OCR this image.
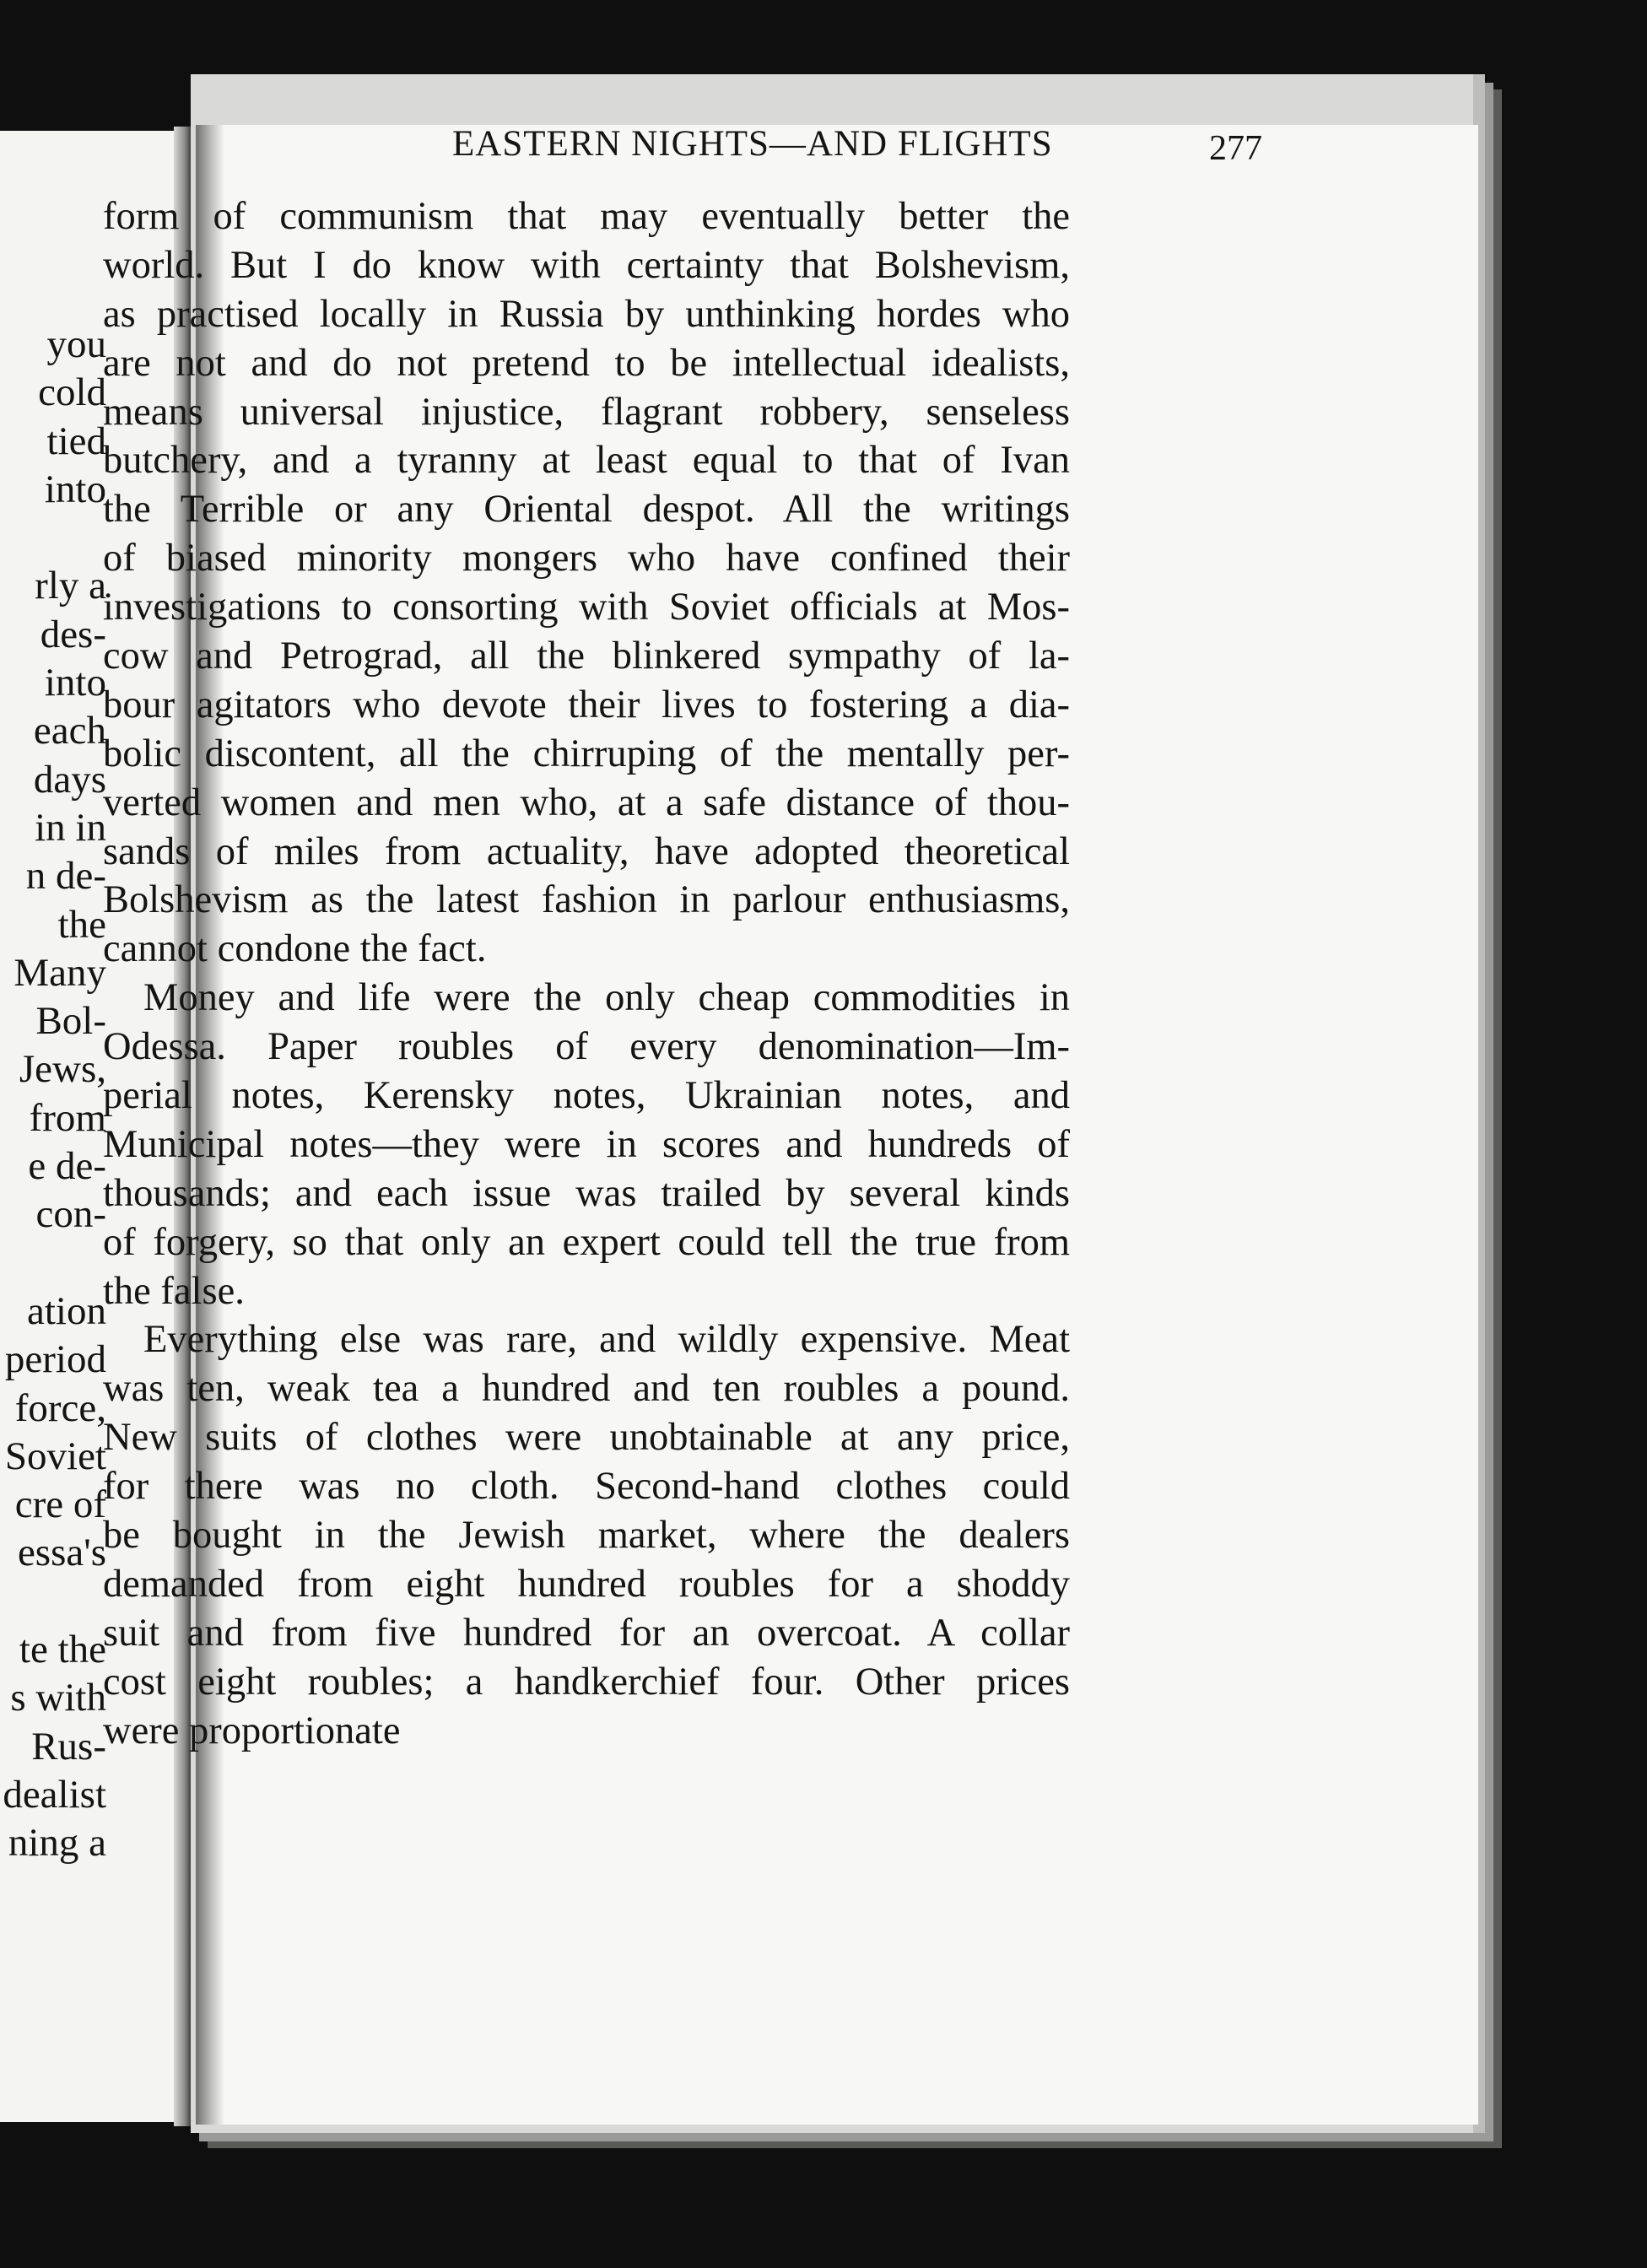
you
cold
tied
into
rly a
des-
into
each
days
in in
n de-
the
Many
Bol-
Jews,
from
e de-
con-
ation
period
force,
Soviet
cre of
essa's
te the
s with
Rus-
dealist
ning a
EASTERN NIGHTS—AND FLIGHTS	277
form of communism that may eventually better the
world. But I do know with certainty that Bolshevism,
as practised locally in Russia by unthinking hordes who
are not and do not pretend to be intellectual idealists,
means universal injustice, flagrant robbery, senseless
butchery, and a tyranny at least equal to that of Ivan
the Terrible or any Oriental despot. All the writings
of biased minority mongers who have confined their
investigations to consorting with Soviet officials at Mos-
cow and Petrograd, all the blinkered sympathy of la-
bour agitators who devote their lives to fostering a dia-
bolic discontent, all the chirruping of the mentally per-
verted women and men who, at a safe distance of thou-
sands of miles from actuality, have adopted theoretical
Bolshevism as the latest fashion in parlour enthusiasms,
cannot condone the fact.
Money and life were the only cheap commodities in
Odessa. Paper roubles of every denomination—Im-
perial notes, Kerensky notes, Ukrainian notes, and
Municipal notes—they were in scores and hundreds of
thousands; and each issue was trailed by several kinds
of forgery, so that only an expert could tell the true from
the false.
Everything else was rare, and wildly expensive. Meat
was ten, weak tea a hundred and ten roubles a pound.
New suits of clothes were unobtainable at any price,
for there was no cloth. Second-hand clothes could
be bought in the Jewish market, where the dealers
demanded from eight hundred roubles for a shoddy
suit and from five hundred for an overcoat. A collar
cost eight roubles; a handkerchief four. Other prices
were proportionate
